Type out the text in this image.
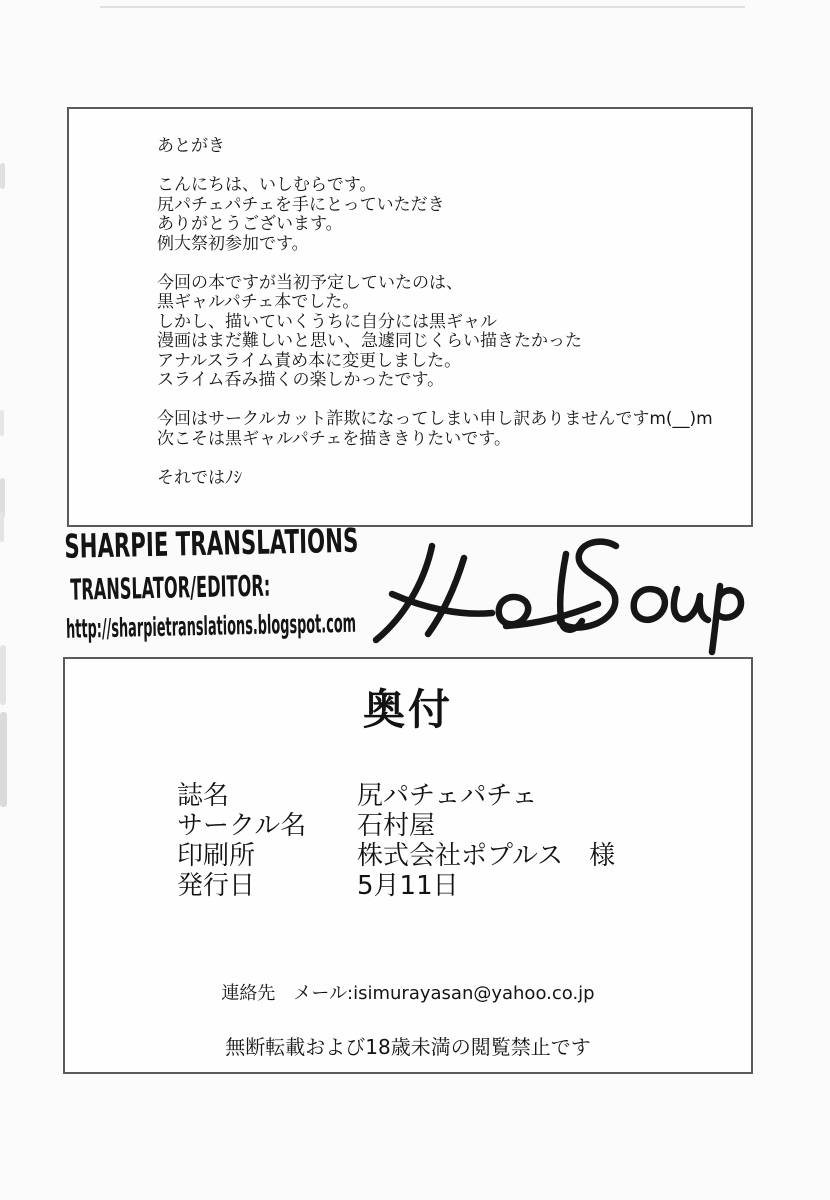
あとがき
こんにちは、いしむらです。
尻パチェパチェを手にとっていただき
ありがとうございます。
例大祭初参加です。
今回の本ですが当初予定していたのは、
黒ギャルパチェ本でした。
しかし、描いていくうちに自分には黒ギャル
漫画はまだ難しいと思い、急遽同じくらい描きたかった
アナルスライム責め本に変更しました。
スライム呑み描くの楽しかったです。
今回はサークルカット詐欺になってしまい申し訳ありませんですm(__)m
次こそは黒ギャルパチェを描ききりたいです。
それではﾉｼ
SHARPIE TRANSLATIONS
TRANSLATOR/EDITOR:
http://sharpietranslations.blogspot.com
奥付
誌名	尻パチェパチェ
サークル名	石村屋
印刷所	株式会社ポプルス　様
発行日	5月11日
連絡先　メール:isimurayasan@yahoo.co.jp
無断転載および18歳未満の閲覧禁止です
